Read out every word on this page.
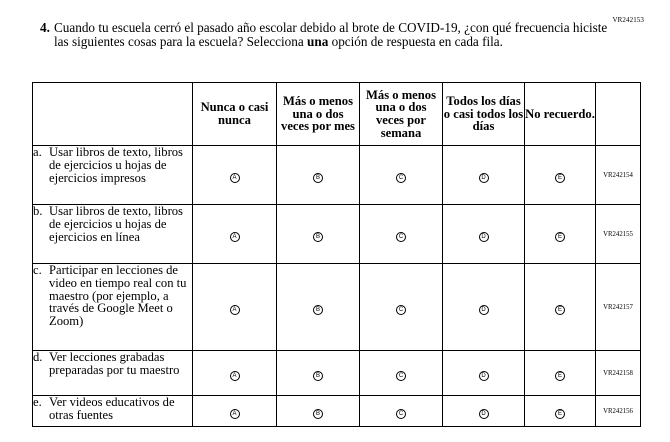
VR242153
4. Cuando tu escuela cerró el pasado año escolar debido al brote de COVID-19, ¿con qué frecuencia hiciste las siguientes cosas para la escuela? Selecciona una opción de respuesta en cada fila.
	Nunca o casi nunca	Más o menos una o dos veces por mes	Más o menos una o dos veces por semana	Todos los días o casi todos los días	No recuerdo.	

a. Usar libros de texto, libros de ejercicios u hojas de ejercicios impresos	A	B	C	D	E	VR242154

b. Usar libros de texto, libros de ejercicios u hojas de ejercicios en línea	A	B	C	D	E	VR242155

c. Participar en lecciones de video en tiempo real con tu maestro (por ejemplo, a través de Google Meet o Zoom)	A	B	C	D	E	VR242157

d. Ver lecciones grabadas preparadas por tu maestro	A	B	C	D	E	VR242158

e. Ver videos educativos de otras fuentes	A	B	C	D	E	VR242156
